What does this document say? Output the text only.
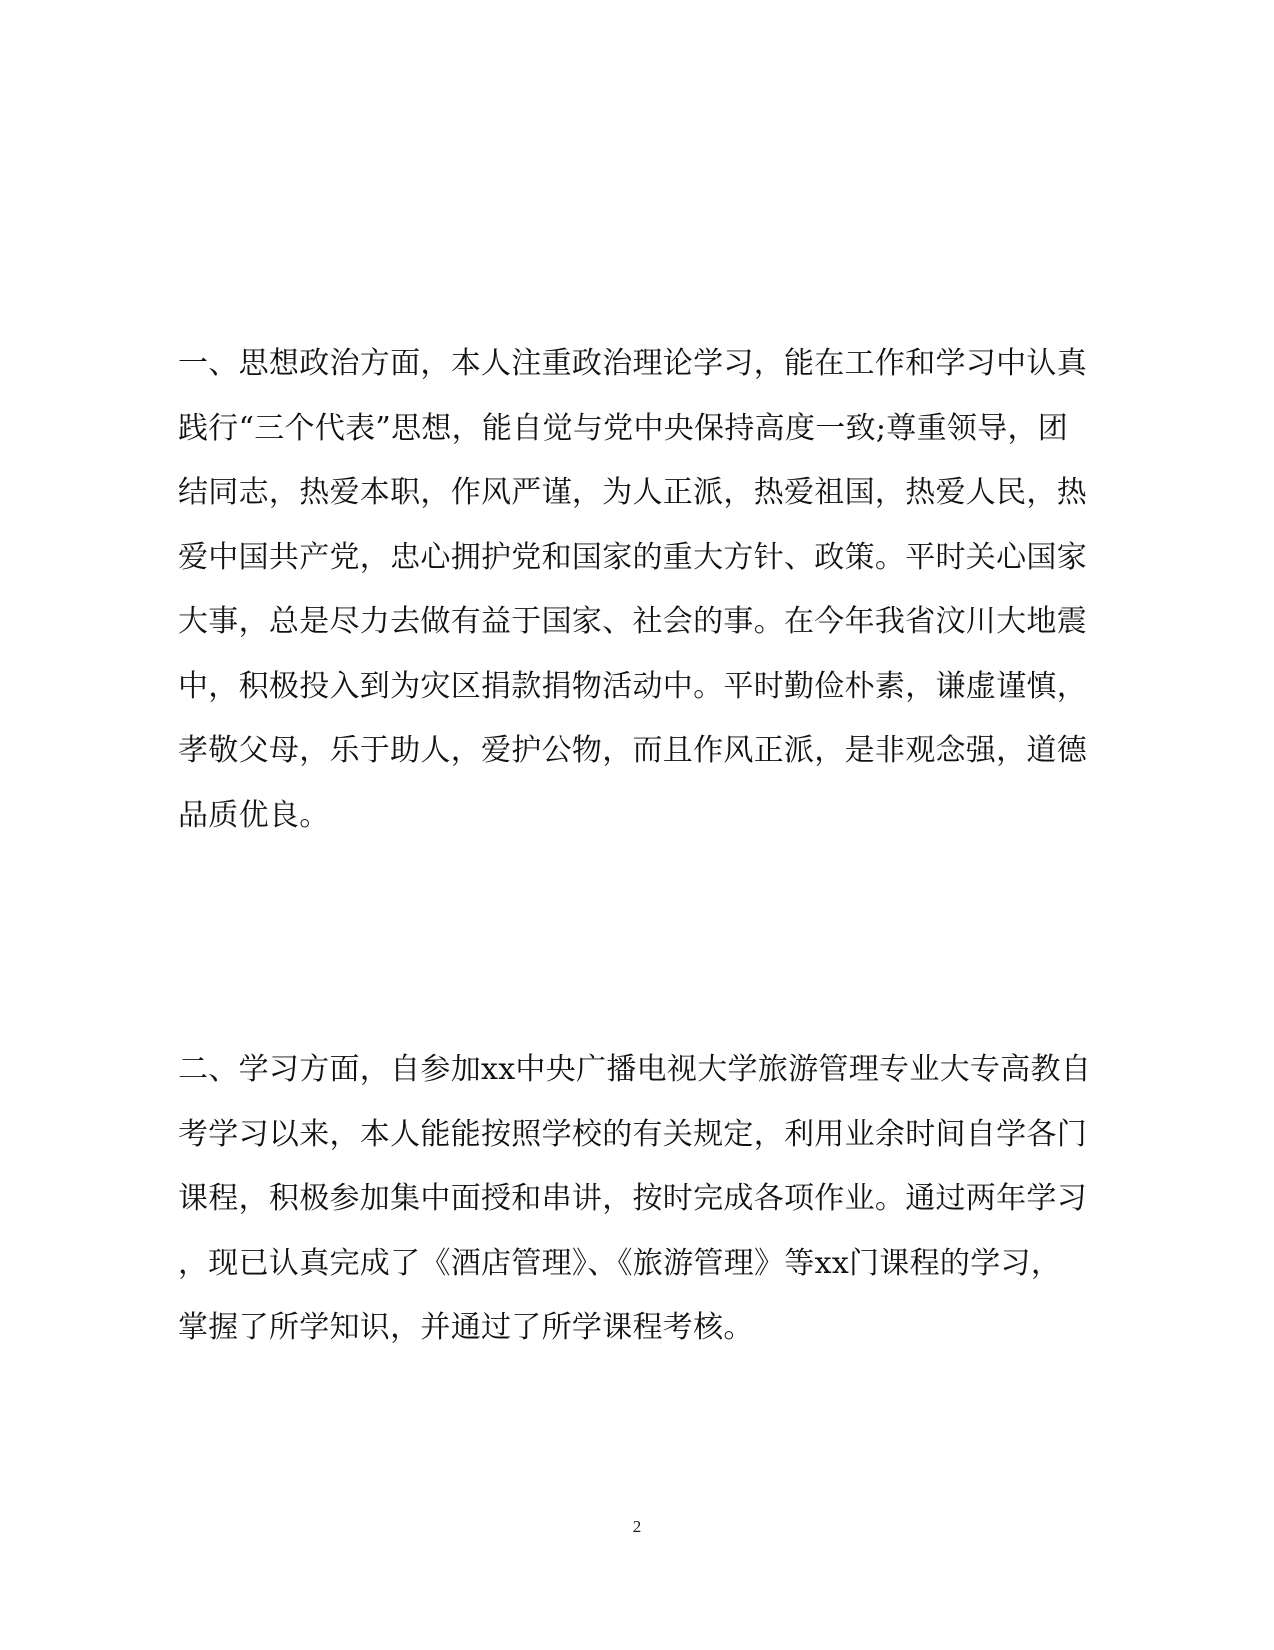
一、思想政治方面，本人注重政治理论学习，能在工作和学习中认真
践行“三个代表”思想，能自觉与党中央保持高度一致;尊重领导，团
结同志，热爱本职，作风严谨，为人正派，热爱祖国，热爱人民，热
爱中国共产党，忠心拥护党和国家的重大方针、政策。平时关心国家
大事，总是尽力去做有益于国家、社会的事。在今年我省汶川大地震
中，积极投入到为灾区捐款捐物活动中。平时勤俭朴素，谦虚谨慎，
孝敬父母，乐于助人，爱护公物，而且作风正派，是非观念强，道德
品质优良。
二、学习方面，自参加xx中央广播电视大学旅游管理专业大专高教自
考学习以来，本人能能按照学校的有关规定，利用业余时间自学各门
课程，积极参加集中面授和串讲，按时完成各项作业。通过两年学习
，现已认真完成了《酒店管理》、《旅游管理》等xx门课程的学习，
掌握了所学知识，并通过了所学课程考核。
2
